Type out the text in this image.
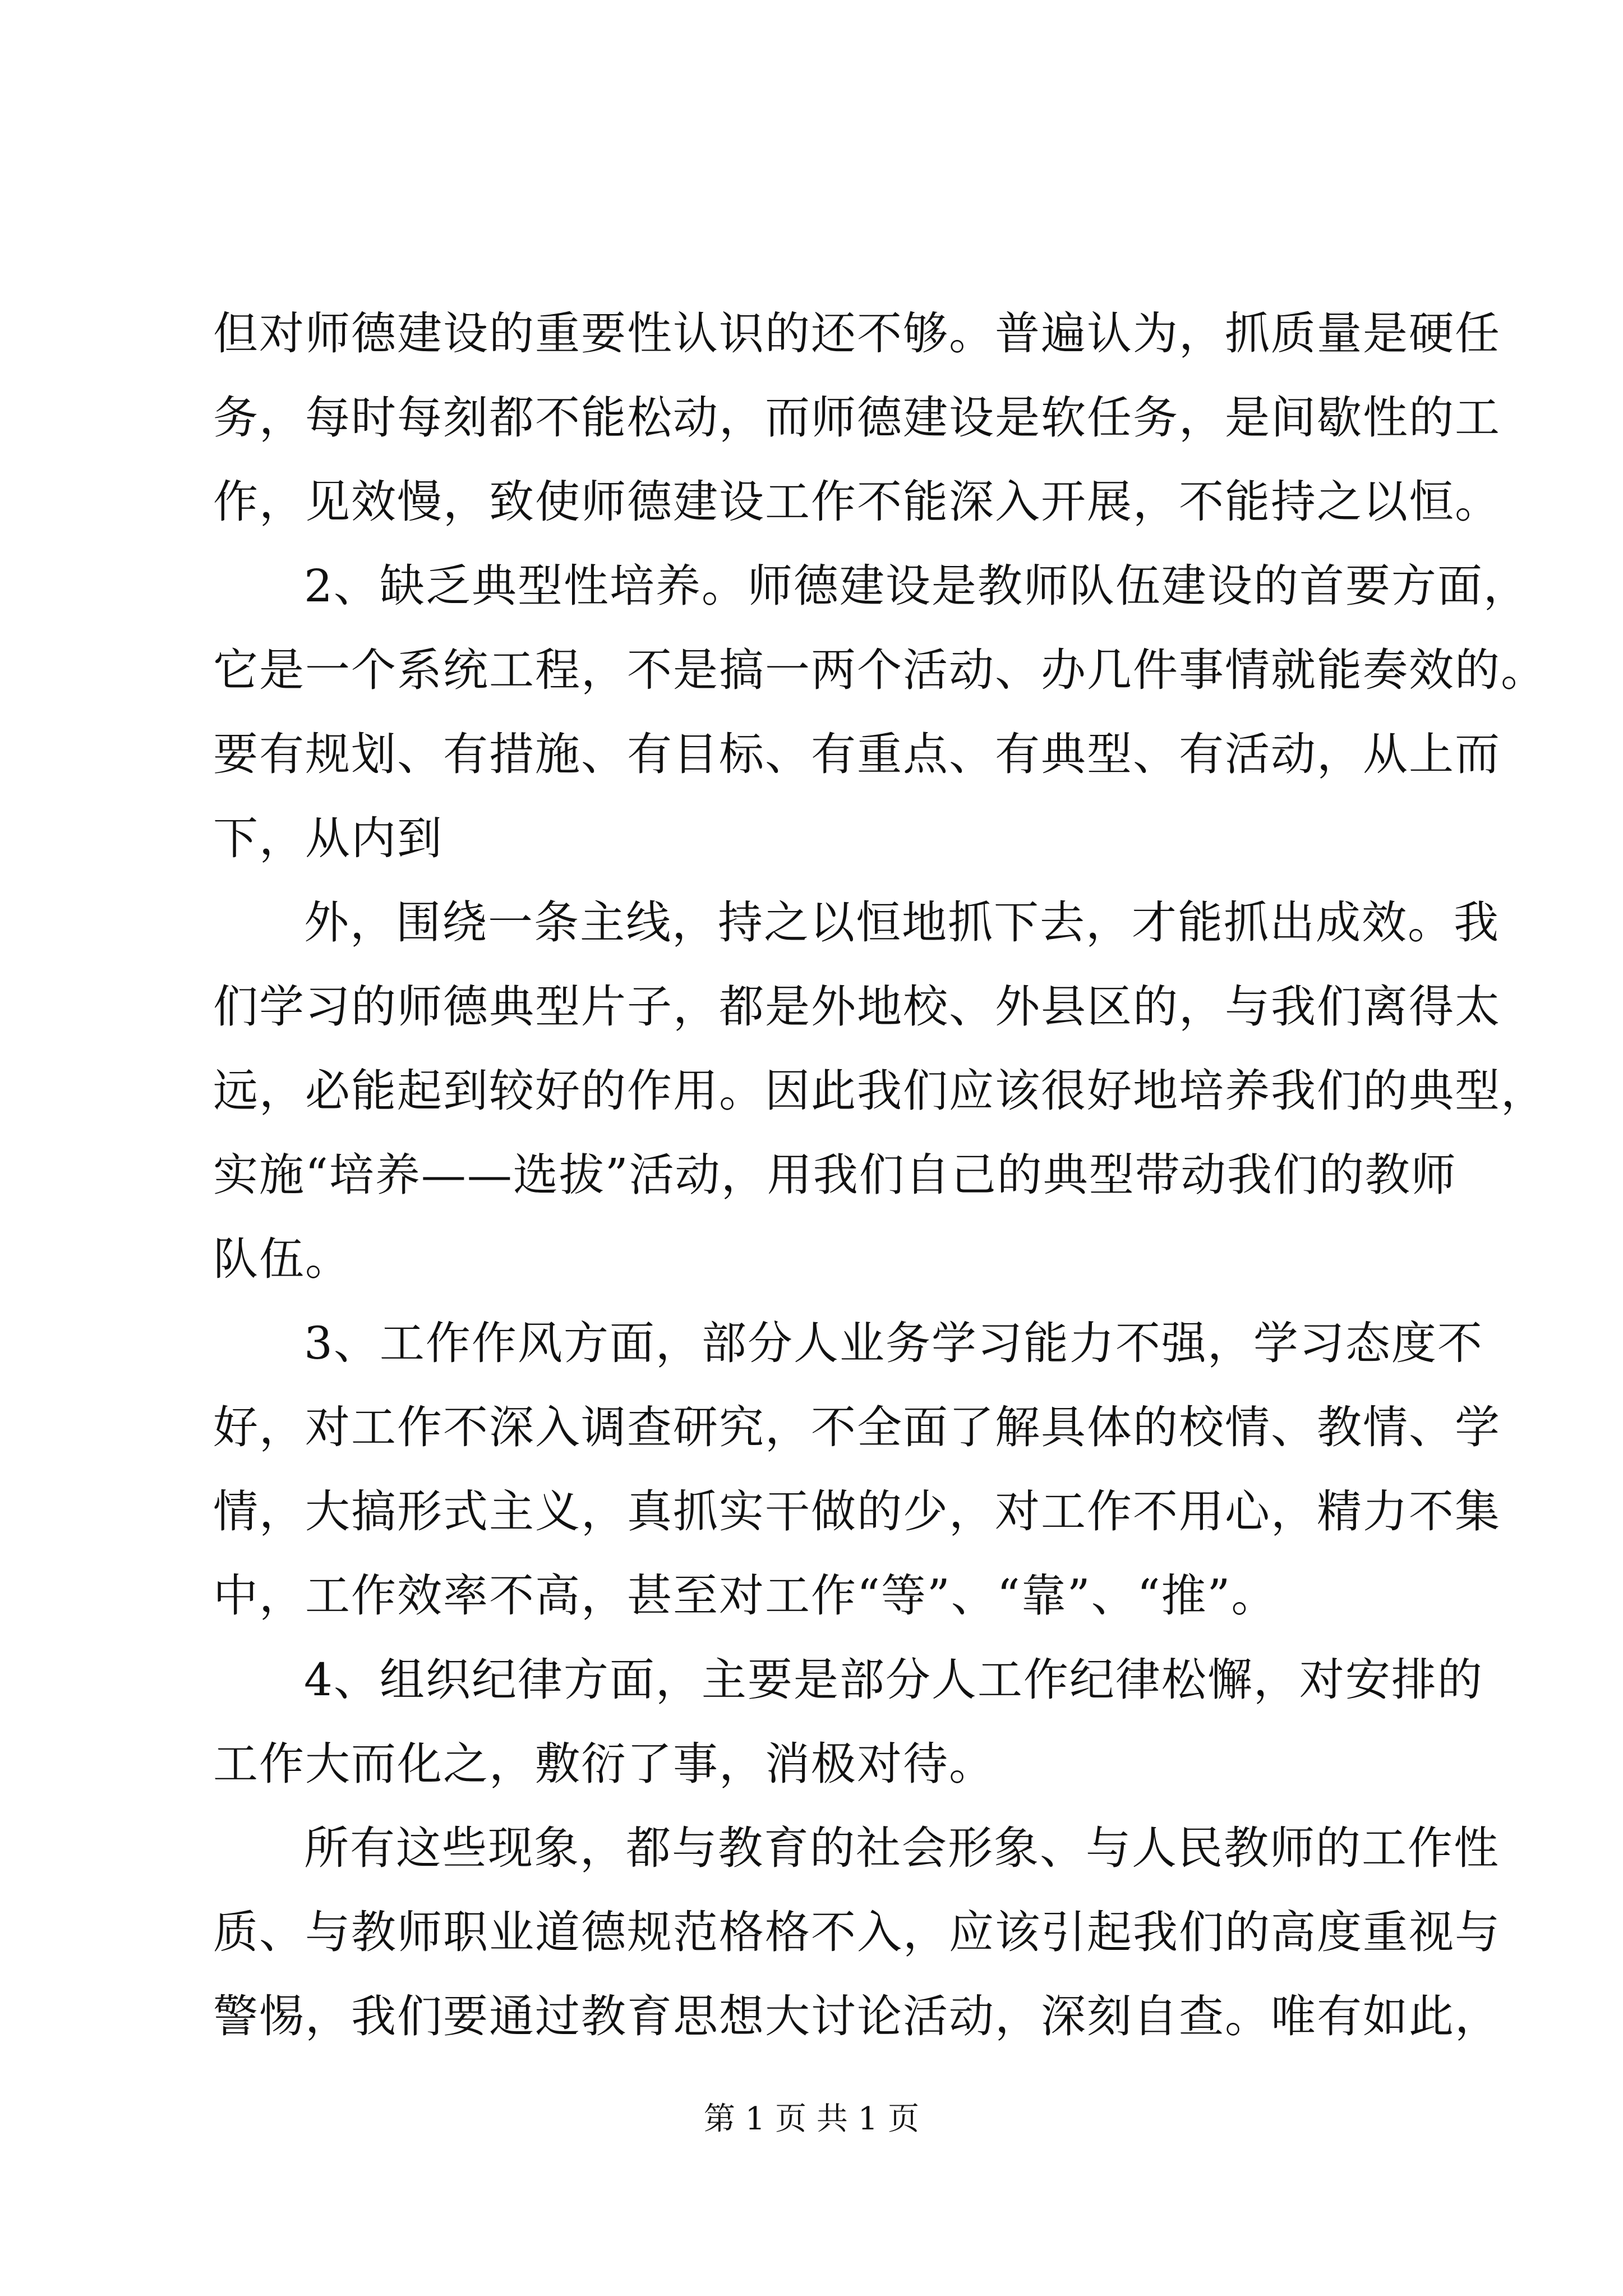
但对师德建设的重要性认识的还不够。普遍认为，抓质量是硬任
务，每时每刻都不能松动，而师德建设是软任务，是间歇性的工
作，见效慢，致使师德建设工作不能深入开展，不能持之以恒。
2、缺乏典型性培养。师德建设是教师队伍建设的首要方面，
它是一个系统工程，不是搞一两个活动、办几件事情就能奏效的。
要有规划、有措施、有目标、有重点、有典型、有活动，从上而
下，从内到
外，围绕一条主线，持之以恒地抓下去，才能抓出成效。我
们学习的师德典型片子，都是外地校、外县区的，与我们离得太
远，必能起到较好的作用。因此我们应该很好地培养我们的典型，
实施“培养——选拔”活动，用我们自己的典型带动我们的教师
队伍。
3、工作作风方面，部分人业务学习能力不强，学习态度不
好，对工作不深入调查研究，不全面了解具体的校情、教情、学
情，大搞形式主义，真抓实干做的少，对工作不用心，精力不集
中，工作效率不高，甚至对工作“等”、“靠”、“推”。
4、组织纪律方面，主要是部分人工作纪律松懈，对安排的
工作大而化之，敷衍了事，消极对待。
所有这些现象，都与教育的社会形象、与人民教师的工作性
质、与教师职业道德规范格格不入，应该引起我们的高度重视与
警惕，我们要通过教育思想大讨论活动，深刻自查。唯有如此，
第 1 页 共 1 页
